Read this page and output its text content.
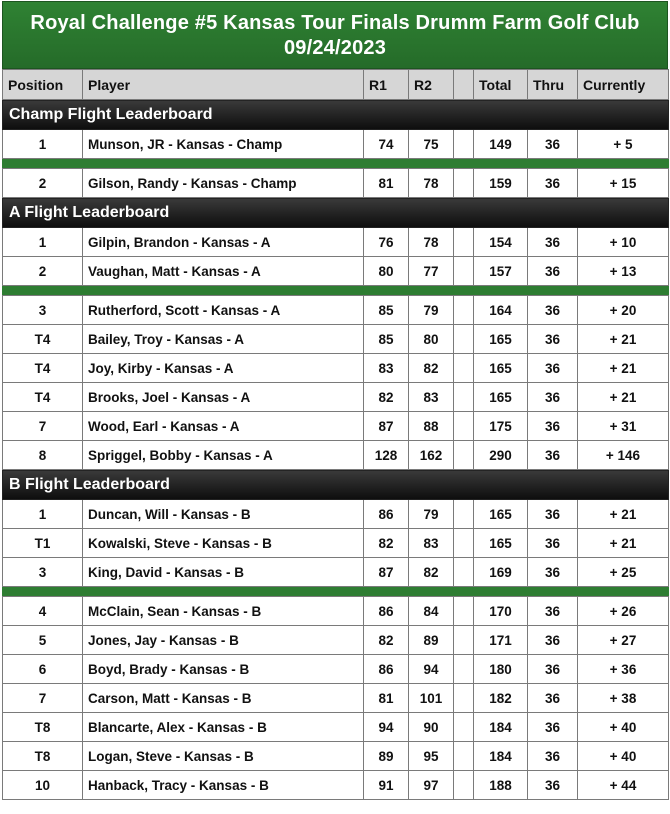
Royal Challenge #5 Kansas Tour Finals Drumm Farm Golf Club
09/24/2023
Position	Player	R1	R2		Total	Thru	Currently
Champ Flight Leaderboard							
1	Munson, JR - Kansas - Champ	74	75		149	36	+ 5

2	Gilson, Randy - Kansas - Champ	81	78		159	36	+ 15
A Flight Leaderboard							
1	Gilpin, Brandon - Kansas - A	76	78		154	36	+ 10
2	Vaughan, Matt - Kansas - A	80	77		157	36	+ 13

3	Rutherford, Scott - Kansas - A	85	79		164	36	+ 20
T4	Bailey, Troy - Kansas - A	85	80		165	36	+ 21
T4	Joy, Kirby - Kansas - A	83	82		165	36	+ 21
T4	Brooks, Joel - Kansas - A	82	83		165	36	+ 21
7	Wood, Earl - Kansas - A	87	88		175	36	+ 31
8	Spriggel, Bobby - Kansas - A	128	162		290	36	+ 146
B Flight Leaderboard							
1	Duncan, Will - Kansas - B	86	79		165	36	+ 21
T1	Kowalski, Steve - Kansas - B	82	83		165	36	+ 21
3	King, David - Kansas - B	87	82		169	36	+ 25

4	McClain, Sean - Kansas - B	86	84		170	36	+ 26
5	Jones, Jay - Kansas - B	82	89		171	36	+ 27
6	Boyd, Brady - Kansas - B	86	94		180	36	+ 36
7	Carson, Matt - Kansas - B	81	101		182	36	+ 38
T8	Blancarte, Alex - Kansas - B	94	90		184	36	+ 40
T8	Logan, Steve - Kansas - B	89	95		184	36	+ 40
10	Hanback, Tracy - Kansas - B	91	97		188	36	+ 44
